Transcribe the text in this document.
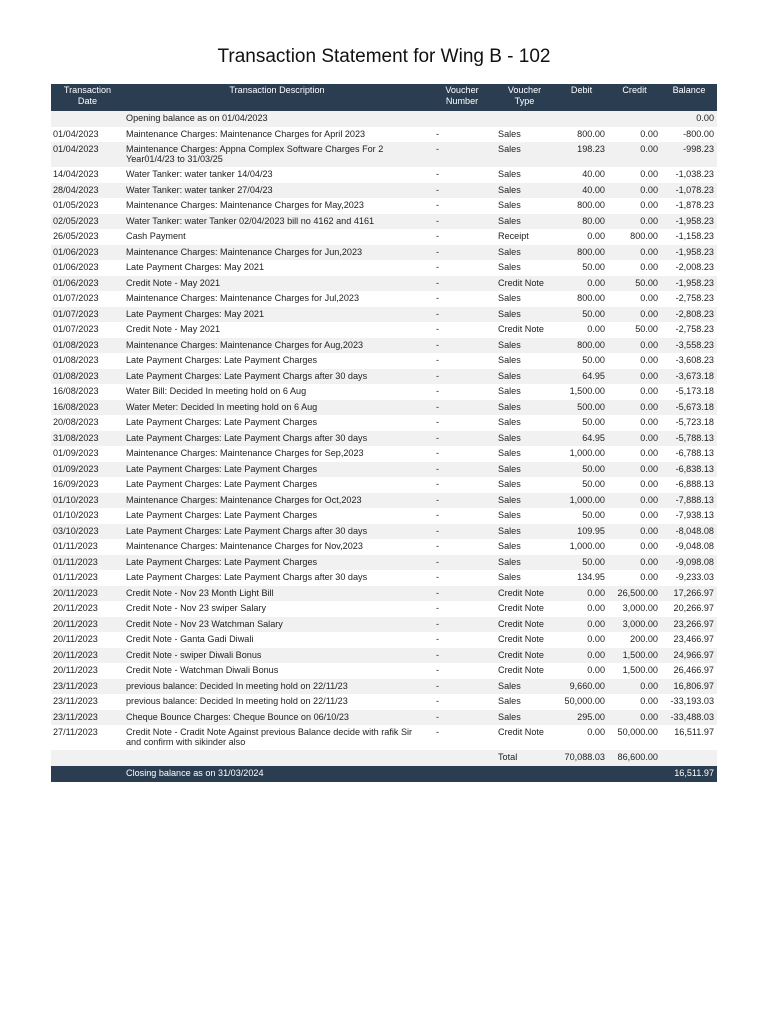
Transaction Statement for Wing B - 102
Transaction Date	Transaction Description	Voucher Number	Voucher Type	Debit	Credit	Balance
	Opening balance as on 01/04/2023					0.00
01/04/2023	Maintenance Charges: Maintenance Charges for April 2023	-	Sales	800.00	0.00	-800.00
01/04/2023	Maintenance Charges: Appna Complex Software Charges For 2 Year01/4/23 to 31/03/25	-	Sales	198.23	0.00	-998.23
14/04/2023	Water Tanker: water tanker 14/04/23	-	Sales	40.00	0.00	-1,038.23
28/04/2023	Water Tanker: water tanker 27/04/23	-	Sales	40.00	0.00	-1,078.23
01/05/2023	Maintenance Charges: Maintenance Charges for May,2023	-	Sales	800.00	0.00	-1,878.23
02/05/2023	Water Tanker: water Tanker 02/04/2023 bill no 4162 and 4161	-	Sales	80.00	0.00	-1,958.23
26/05/2023	Cash Payment	-	Receipt	0.00	800.00	-1,158.23
01/06/2023	Maintenance Charges: Maintenance Charges for Jun,2023	-	Sales	800.00	0.00	-1,958.23
01/06/2023	Late Payment Charges: May 2021	-	Sales	50.00	0.00	-2,008.23
01/06/2023	Credit Note - May 2021	-	Credit Note	0.00	50.00	-1,958.23
01/07/2023	Maintenance Charges: Maintenance Charges for Jul,2023	-	Sales	800.00	0.00	-2,758.23
01/07/2023	Late Payment Charges: May 2021	-	Sales	50.00	0.00	-2,808.23
01/07/2023	Credit Note - May 2021	-	Credit Note	0.00	50.00	-2,758.23
01/08/2023	Maintenance Charges: Maintenance Charges for Aug,2023	-	Sales	800.00	0.00	-3,558.23
01/08/2023	Late Payment Charges: Late Payment Charges	-	Sales	50.00	0.00	-3,608.23
01/08/2023	Late Payment Charges: Late Payment Chargs after 30 days	-	Sales	64.95	0.00	-3,673.18
16/08/2023	Water Bill: Decided In meeting hold on 6 Aug	-	Sales	1,500.00	0.00	-5,173.18
16/08/2023	Water Meter: Decided In meeting hold on 6 Aug	-	Sales	500.00	0.00	-5,673.18
20/08/2023	Late Payment Charges: Late Payment Charges	-	Sales	50.00	0.00	-5,723.18
31/08/2023	Late Payment Charges: Late Payment Chargs after 30 days	-	Sales	64.95	0.00	-5,788.13
01/09/2023	Maintenance Charges: Maintenance Charges for Sep,2023	-	Sales	1,000.00	0.00	-6,788.13
01/09/2023	Late Payment Charges: Late Payment Charges	-	Sales	50.00	0.00	-6,838.13
16/09/2023	Late Payment Charges: Late Payment Charges	-	Sales	50.00	0.00	-6,888.13
01/10/2023	Maintenance Charges: Maintenance Charges for Oct,2023	-	Sales	1,000.00	0.00	-7,888.13
01/10/2023	Late Payment Charges: Late Payment Charges	-	Sales	50.00	0.00	-7,938.13
03/10/2023	Late Payment Charges: Late Payment Chargs after 30 days	-	Sales	109.95	0.00	-8,048.08
01/11/2023	Maintenance Charges: Maintenance Charges for Nov,2023	-	Sales	1,000.00	0.00	-9,048.08
01/11/2023	Late Payment Charges: Late Payment Charges	-	Sales	50.00	0.00	-9,098.08
01/11/2023	Late Payment Charges: Late Payment Chargs after 30 days	-	Sales	134.95	0.00	-9,233.03
20/11/2023	Credit Note - Nov 23 Month Light Bill	-	Credit Note	0.00	26,500.00	17,266.97
20/11/2023	Credit Note - Nov 23 swiper Salary	-	Credit Note	0.00	3,000.00	20,266.97
20/11/2023	Credit Note - Nov 23 Watchman Salary	-	Credit Note	0.00	3,000.00	23,266.97
20/11/2023	Credit Note - Ganta Gadi Diwali	-	Credit Note	0.00	200.00	23,466.97
20/11/2023	Credit Note - swiper Diwali Bonus	-	Credit Note	0.00	1,500.00	24,966.97
20/11/2023	Credit Note - Watchman Diwali Bonus	-	Credit Note	0.00	1,500.00	26,466.97
23/11/2023	previous balance: Decided In meeting hold on 22/11/23	-	Sales	9,660.00	0.00	16,806.97
23/11/2023	previous balance: Decided In meeting hold on 22/11/23	-	Sales	50,000.00	0.00	-33,193.03
23/11/2023	Cheque Bounce Charges: Cheque Bounce on 06/10/23	-	Sales	295.00	0.00	-33,488.03
27/11/2023	Credit Note - Cradit Note Against previous Balance decide with rafik Sir and confirm with sikinder also	-	Credit Note	0.00	50,000.00	16,511.97
			Total	70,088.03	86,600.00	
	Closing balance as on 31/03/2024					16,511.97
